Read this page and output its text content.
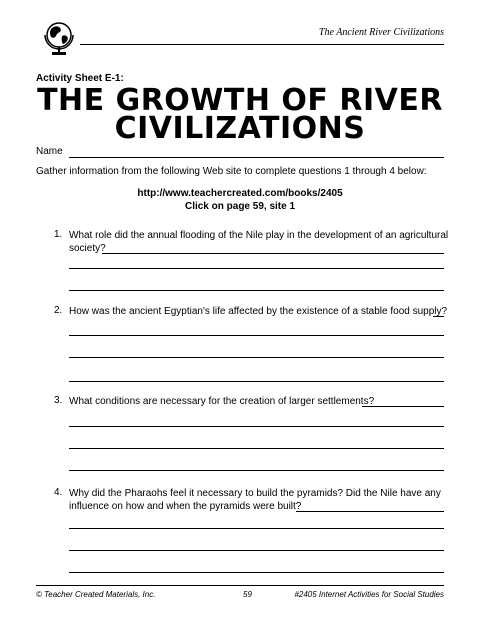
The Ancient River Civilizations
Activity Sheet E-1:
THE GROWTH OF RIVER
CIVILIZATIONS
Name
Gather information from the following Web site to complete questions 1 through 4 below:
http://www.teachercreated.com/books/2405
Click on page 59, site 1
1. What role did the annual flooding of the Nile play in the development of an agricultural
society?
2. How was the ancient Egyptian's life affected by the existence of a stable food supply?
3. What conditions are necessary for the creation of larger settlements?
4. Why did the Pharaohs feel it necessary to build the pyramids? Did the Nile have any
influence on how and when the pyramids were built?
© Teacher Created Materials, Inc.	59	#2405 Internet Activities for Social Studies
